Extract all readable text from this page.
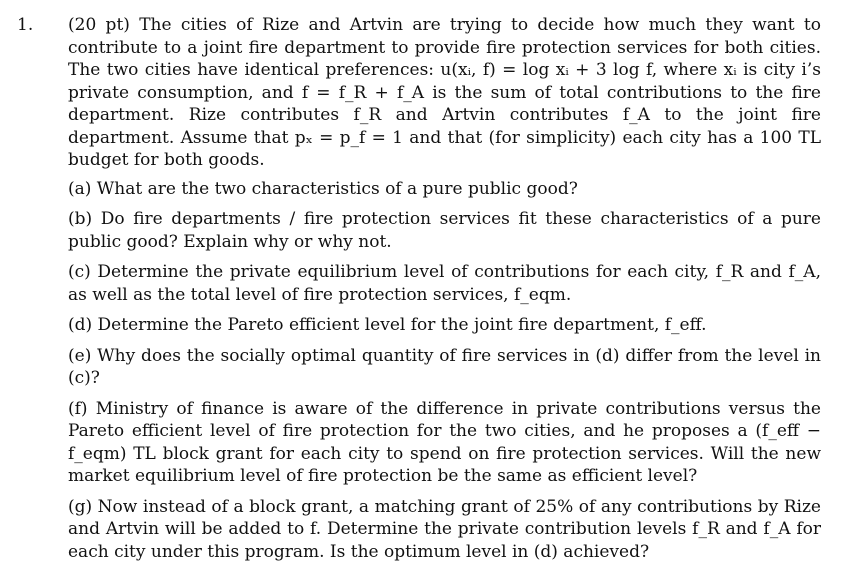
1. (20 pt) The cities of Rize and Artvin are trying to decide how much they want to contribute to a joint fire department to provide fire protection services for both cities. The two cities have identical preferences: u(xᵢ, f) = log xᵢ + 3 log f, where xᵢ is city i’s private consumption, and f = f_R + f_A is the sum of total contributions to the fire department. Rize contributes f_R and Artvin contributes f_A to the joint fire department. Assume that pₓ = p_f = 1 and that (for simplicity) each city has a 100 TL budget for both goods.

(a) What are the two characteristics of a pure public good?

(b) Do fire departments / fire protection services fit these characteristics of a pure public good? Explain why or why not.

(c) Determine the private equilibrium level of contributions for each city, f_R and f_A, as well as the total level of fire protection services, f_eqm.

(d) Determine the Pareto efficient level for the joint fire department, f_eff.

(e) Why does the socially optimal quantity of fire services in (d) differ from the level in (c)?

(f) Ministry of finance is aware of the difference in private contributions versus the Pareto efficient level of fire protection for the two cities, and he proposes a (f_eff − f_eqm) TL block grant for each city to spend on fire protection services. Will the new market equilibrium level of fire protection be the same as efficient level?

(g) Now instead of a block grant, a matching grant of 25% of any contributions by Rize and Artvin will be added to f. Determine the private contribution levels f_R and f_A for each city under this program. Is the optimum level in (d) achieved?
